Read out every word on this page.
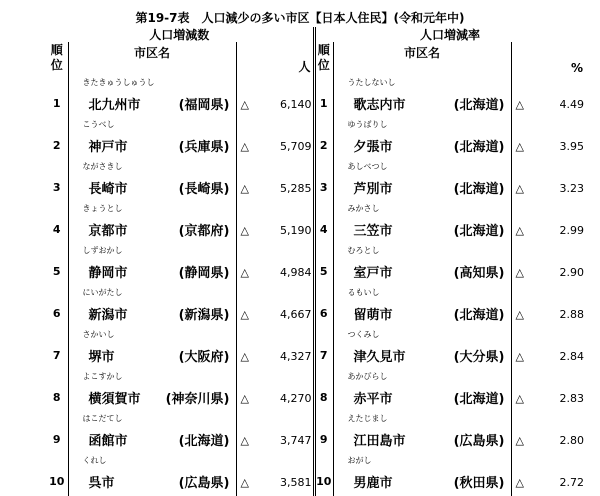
第19-7表　人口減少の多い市区【日本人住民】(令和元年中)
人口増減数			
順
位	市区名		人
1	きたきゅうしゅうし
北九州市 (福岡県)	△	6,140
2	こうべし
神戸市 (兵庫県)	△	5,709
3	ながさきし
長崎市 (長崎県)	△	5,285
4	きょうとし
京都市 (京都府)	△	5,190
5	しずおかし
静岡市 (静岡県)	△	4,984
6	にいがたし
新潟市 (新潟県)	△	4,667
7	さかいし
堺市 (大阪府)	△	4,327
8	よこすかし
横須賀市 (神奈川県)	△	4,270
9	はこだてし
函館市 (北海道)	△	3,747
10	くれし
呉市 (広島県)	△	3,581
人口増減率			
順
位	市区名		%
1	うたしないし
歌志内市 (北海道)	△	4.49
2	ゆうばりし
夕張市 (北海道)	△	3.95
3	あしべつし
芦別市 (北海道)	△	3.23
4	みかさし
三笠市 (北海道)	△	2.99
5	むろとし
室戸市 (高知県)	△	2.90
6	るもいし
留萌市 (北海道)	△	2.88
7	つくみし
津久見市 (大分県)	△	2.84
8	あかびらし
赤平市 (北海道)	△	2.83
9	えたじまし
江田島市 (広島県)	△	2.80
10	おがし
男鹿市 (秋田県)	△	2.72
